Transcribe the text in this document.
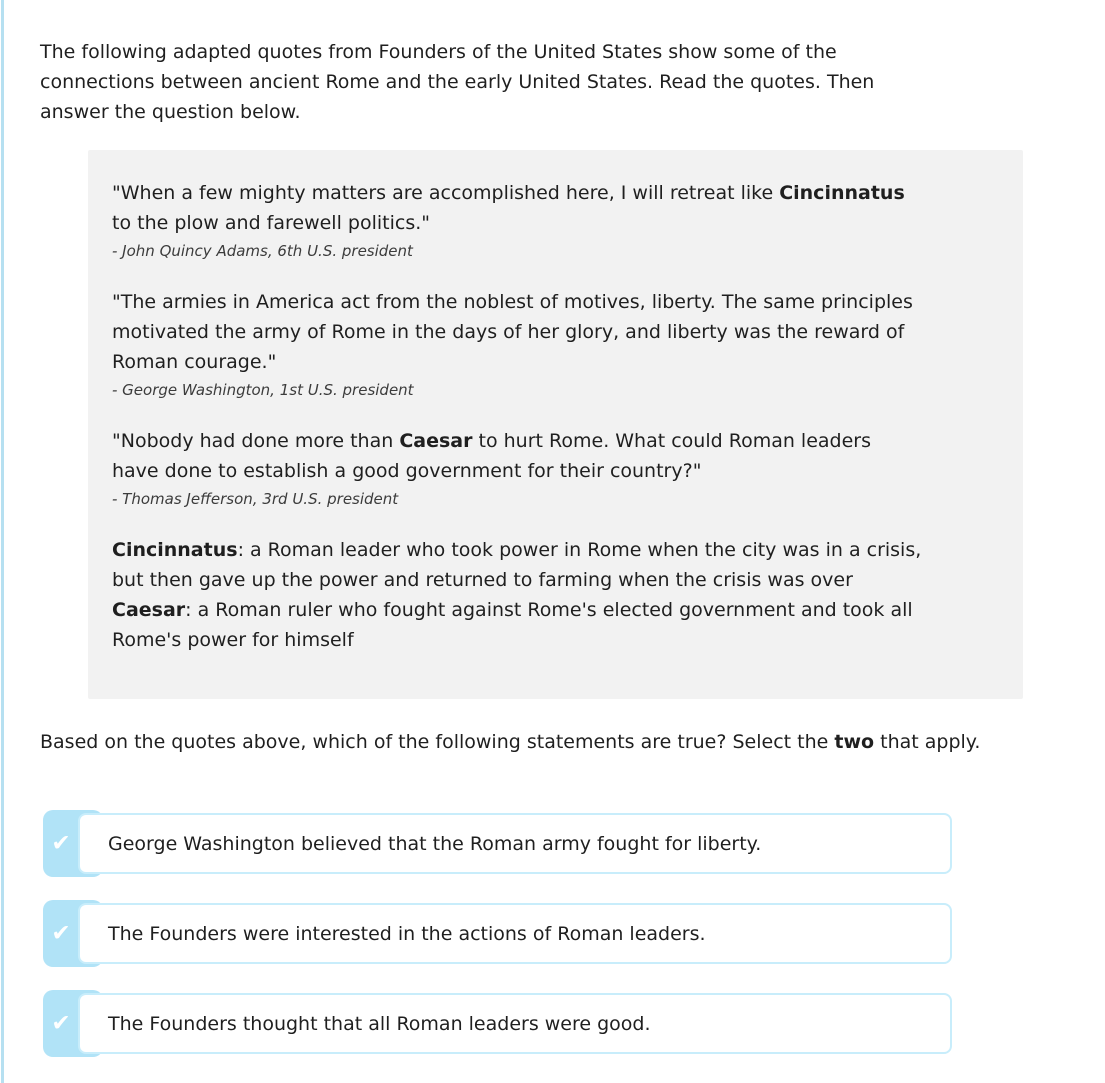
The following adapted quotes from Founders of the United States show some of the connections between ancient Rome and the early United States. Read the quotes. Then answer the question below.

"When a few mighty matters are accomplished here, I will retreat like Cincinnatus to the plow and farewell politics."

- John Quincy Adams, 6th U.S. president

"The armies in America act from the noblest of motives, liberty. The same principles motivated the army of Rome in the days of her glory, and liberty was the reward of Roman courage."

- George Washington, 1st U.S. president

"Nobody had done more than Caesar to hurt Rome. What could Roman leaders have done to establish a good government for their country?"

- Thomas Jefferson, 3rd U.S. president

Cincinnatus: a Roman leader who took power in Rome when the city was in a crisis, but then gave up the power and returned to farming when the crisis was over

Caesar: a Roman ruler who fought against Rome's elected government and took all Rome's power for himself

Based on the quotes above, which of the following statements are true? Select the two that apply.

✔	George Washington believed that the Roman army fought for liberty.
✔	The Founders were interested in the actions of Roman leaders.
✔	The Founders thought that all Roman leaders were good.
